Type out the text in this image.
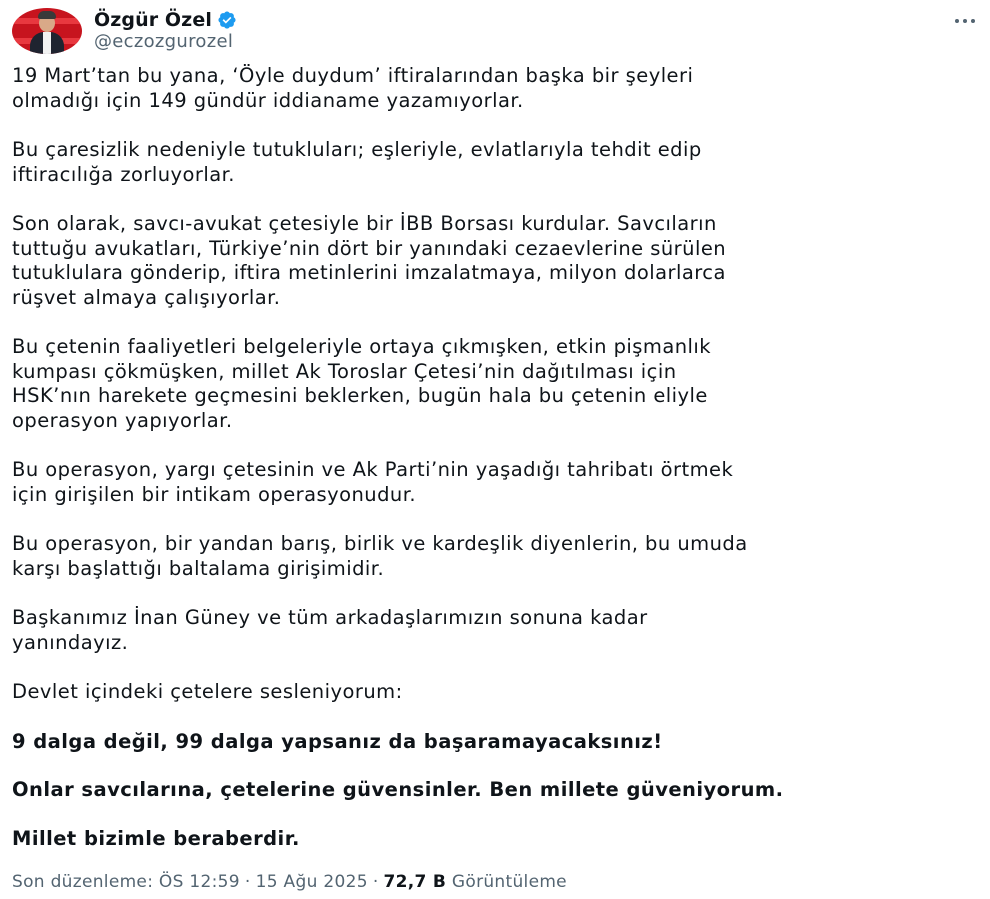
Özgür Özel
@eczozgurozel
19 Mart’tan bu yana, ‘Öyle duydum’ iftiralarından başka bir şeyleri
olmadığı için 149 gündür iddianame yazamıyorlar.
Bu çaresizlik nedeniyle tutukluları; eşleriyle, evlatlarıyla tehdit edip
iftiracılığa zorluyorlar.
Son olarak, savcı-avukat çetesiyle bir İBB Borsası kurdular. Savcıların
tuttuğu avukatları, Türkiye’nin dört bir yanındaki cezaevlerine sürülen
tutuklulara gönderip, iftira metinlerini imzalatmaya, milyon dolarlarca
rüşvet almaya çalışıyorlar.
Bu çetenin faaliyetleri belgeleriyle ortaya çıkmışken, etkin pişmanlık
kumpası çökmüşken, millet Ak Toroslar Çetesi’nin dağıtılması için
HSK’nın harekete geçmesini beklerken, bugün hala bu çetenin eliyle
operasyon yapıyorlar.
Bu operasyon, yargı çetesinin ve Ak Parti’nin yaşadığı tahribatı örtmek
için girişilen bir intikam operasyonudur.
Bu operasyon, bir yandan barış, birlik ve kardeşlik diyenlerin, bu umuda
karşı başlattığı baltalama girişimidir.
Başkanımız İnan Güney ve tüm arkadaşlarımızın sonuna kadar
yanındayız.
Devlet içindeki çetelere sesleniyorum:
9 dalga değil, 99 dalga yapsanız da başaramayacaksınız!
Onlar savcılarına, çetelerine güvensinler. Ben millete güveniyorum.
Millet bizimle beraberdir.
Son düzenleme: ÖS 12:59 · 15 Ağu 2025 · 72,7 B Görüntüleme
